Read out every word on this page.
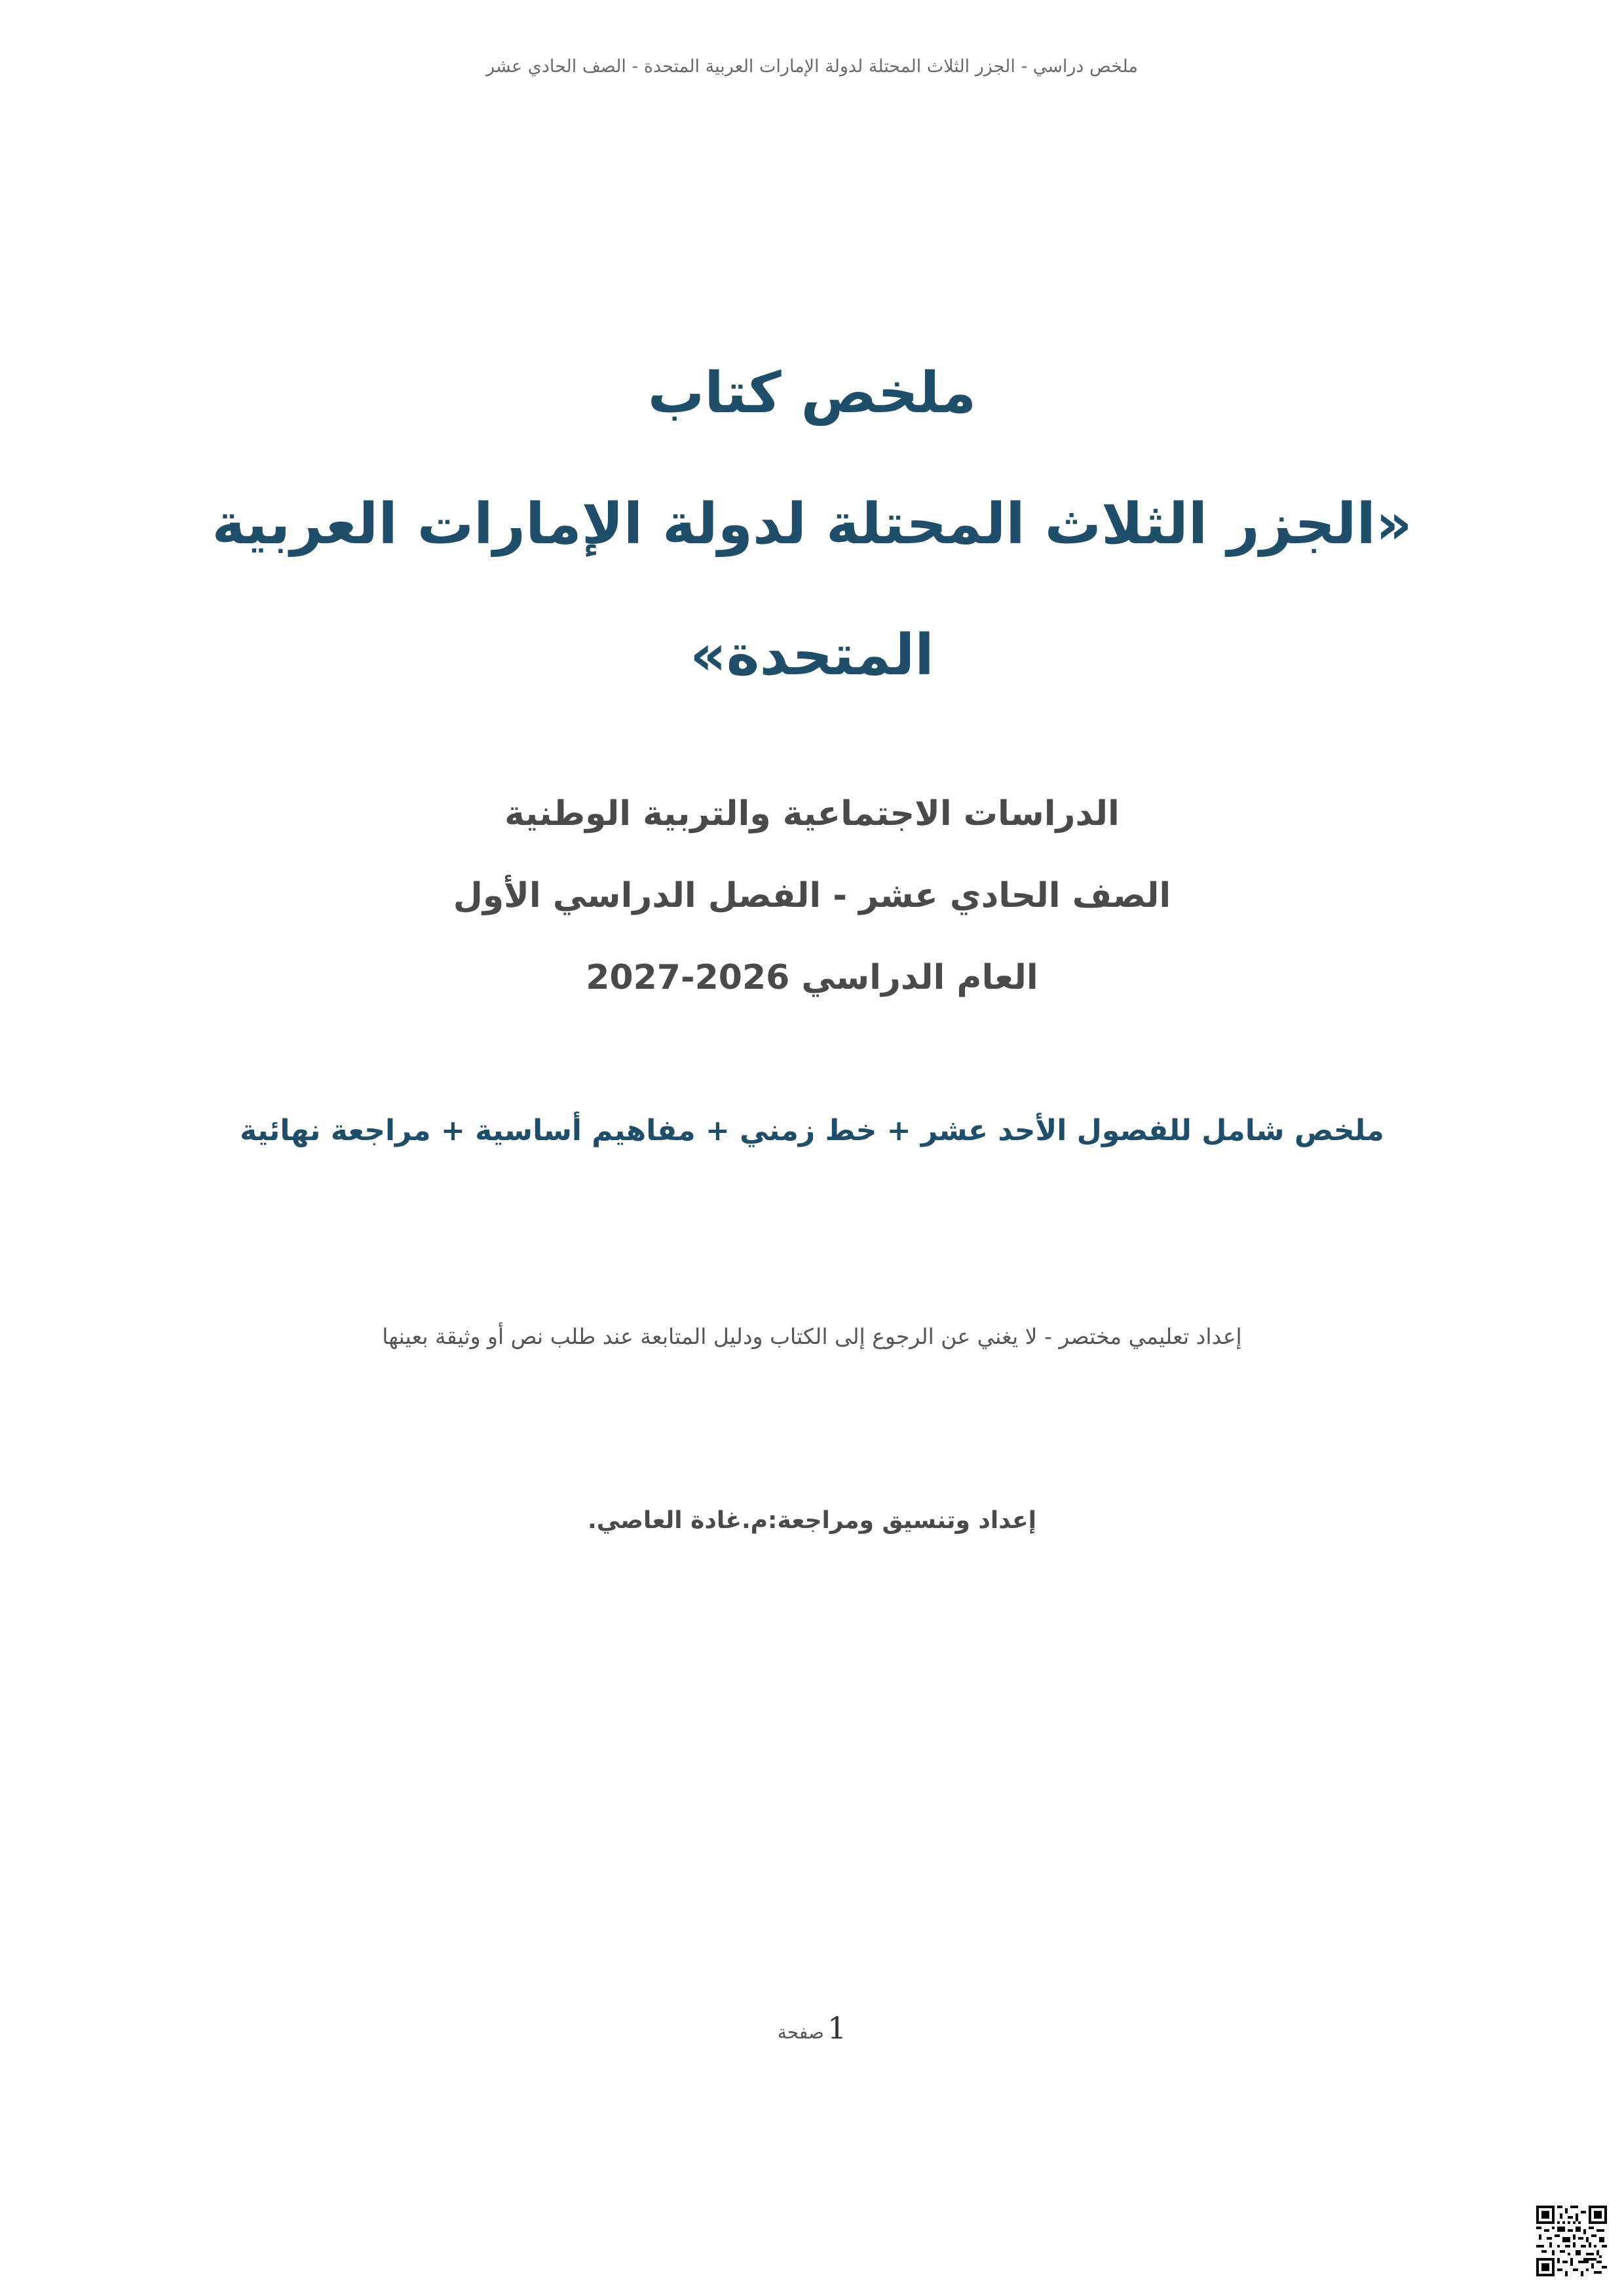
ملخص دراسي - الجزر الثلاث المحتلة لدولة الإمارات العربية المتحدة - الصف الحادي عشر
ملخص كتاب
«الجزر الثلاث المحتلة لدولة الإمارات العربية
المتحدة»
الدراسات الاجتماعية والتربية الوطنية
الصف الحادي عشر - الفصل الدراسي الأول
العام الدراسي 2026-2027
ملخص شامل للفصول الأحد عشر + خط زمني + مفاهيم أساسية + مراجعة نهائية
إعداد تعليمي مختصر - لا يغني عن الرجوع إلى الكتاب ودليل المتابعة عند طلب نص أو وثيقة بعينها
إعداد وتنسيق ومراجعة:م.غادة العاصي.
1 صفحة
